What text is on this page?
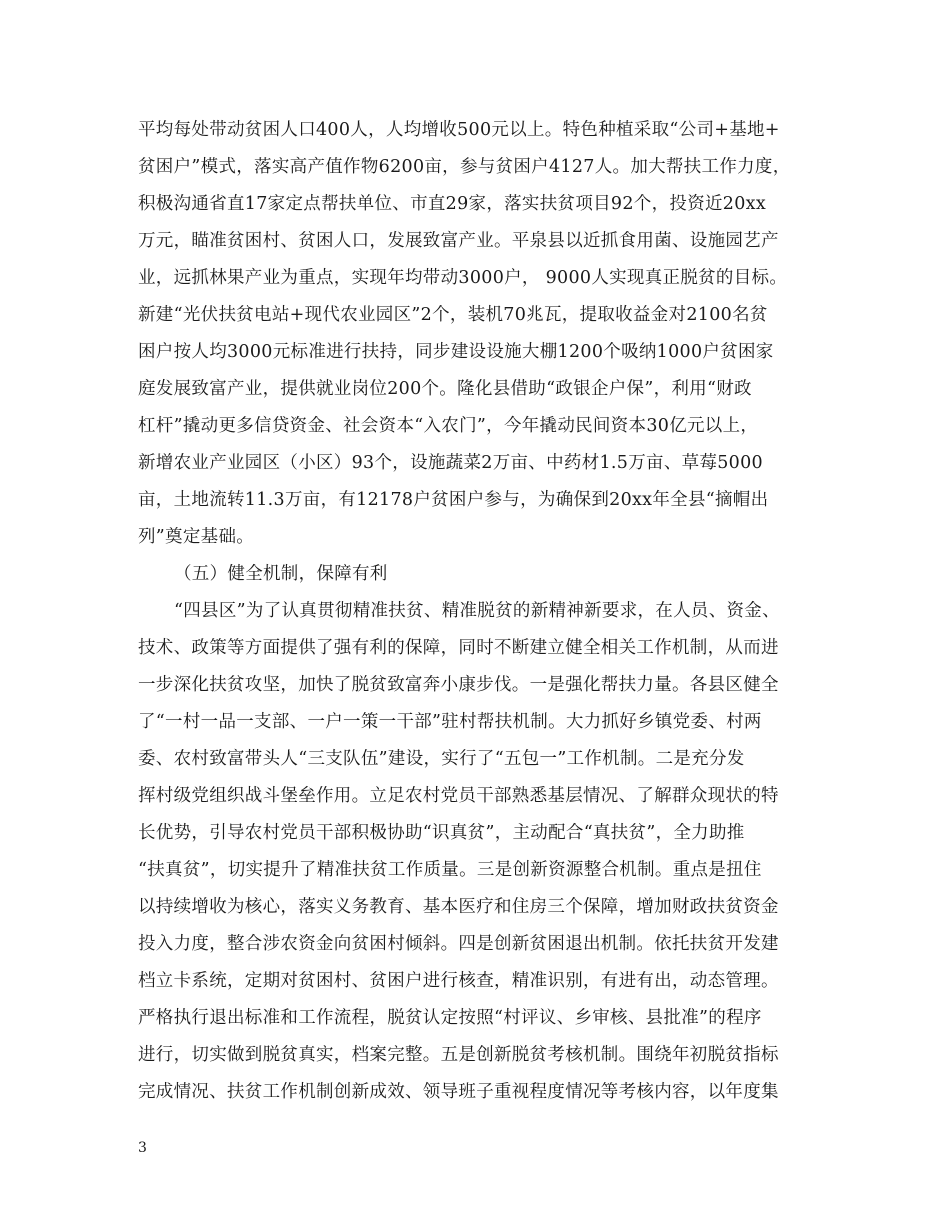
平均每处带动贫困人口400人，人均增收500元以上。特色种植采取“公司+基地+
贫困户”模式，落实高产值作物6200亩，参与贫困户4127人。加大帮扶工作力度，
积极沟通省直17家定点帮扶单位、市直29家，落实扶贫项目92个，投资近20xx
万元，瞄准贫困村、贫困人口，发展致富产业。平泉县以近抓食用菌、设施园艺产
业，远抓林果产业为重点，实现年均带动3000户， 9000人实现真正脱贫的目标。
新建“光伏扶贫电站+现代农业园区”2个，装机70兆瓦，提取收益金对2100名贫
困户按人均3000元标准进行扶持，同步建设设施大棚1200个吸纳1000户贫困家
庭发展致富产业，提供就业岗位200个。隆化县借助“政银企户保”，利用“财政
杠杆”撬动更多信贷资金、社会资本“入农门”，今年撬动民间资本30亿元以上，
新增农业产业园区（小区）93个，设施蔬菜2万亩、中药材1.5万亩、草莓5000
亩，土地流转11.3万亩，有12178户贫困户参与，为确保到20xx年全县“摘帽出
列”奠定基础。
（五）健全机制，保障有利
“四县区”为了认真贯彻精准扶贫、精准脱贫的新精神新要求，在人员、资金、
技术、政策等方面提供了强有利的保障，同时不断建立健全相关工作机制，从而进
一步深化扶贫攻坚，加快了脱贫致富奔小康步伐。一是强化帮扶力量。各县区健全
了“一村一品一支部、一户一策一干部”驻村帮扶机制。大力抓好乡镇党委、村两
委、农村致富带头人“三支队伍”建设，实行了“五包一”工作机制。二是充分发
挥村级党组织战斗堡垒作用。立足农村党员干部熟悉基层情况、了解群众现状的特
长优势，引导农村党员干部积极协助“识真贫”，主动配合“真扶贫”，全力助推
“扶真贫”，切实提升了精准扶贫工作质量。三是创新资源整合机制。重点是扭住
以持续增收为核心，落实义务教育、基本医疗和住房三个保障，增加财政扶贫资金
投入力度，整合涉农资金向贫困村倾斜。四是创新贫困退出机制。依托扶贫开发建
档立卡系统，定期对贫困村、贫困户进行核查，精准识别，有进有出，动态管理。
严格执行退出标准和工作流程，脱贫认定按照“村评议、乡审核、县批准”的程序
进行，切实做到脱贫真实，档案完整。五是创新脱贫考核机制。围绕年初脱贫指标
完成情况、扶贫工作机制创新成效、领导班子重视程度情况等考核内容，以年度集
3
